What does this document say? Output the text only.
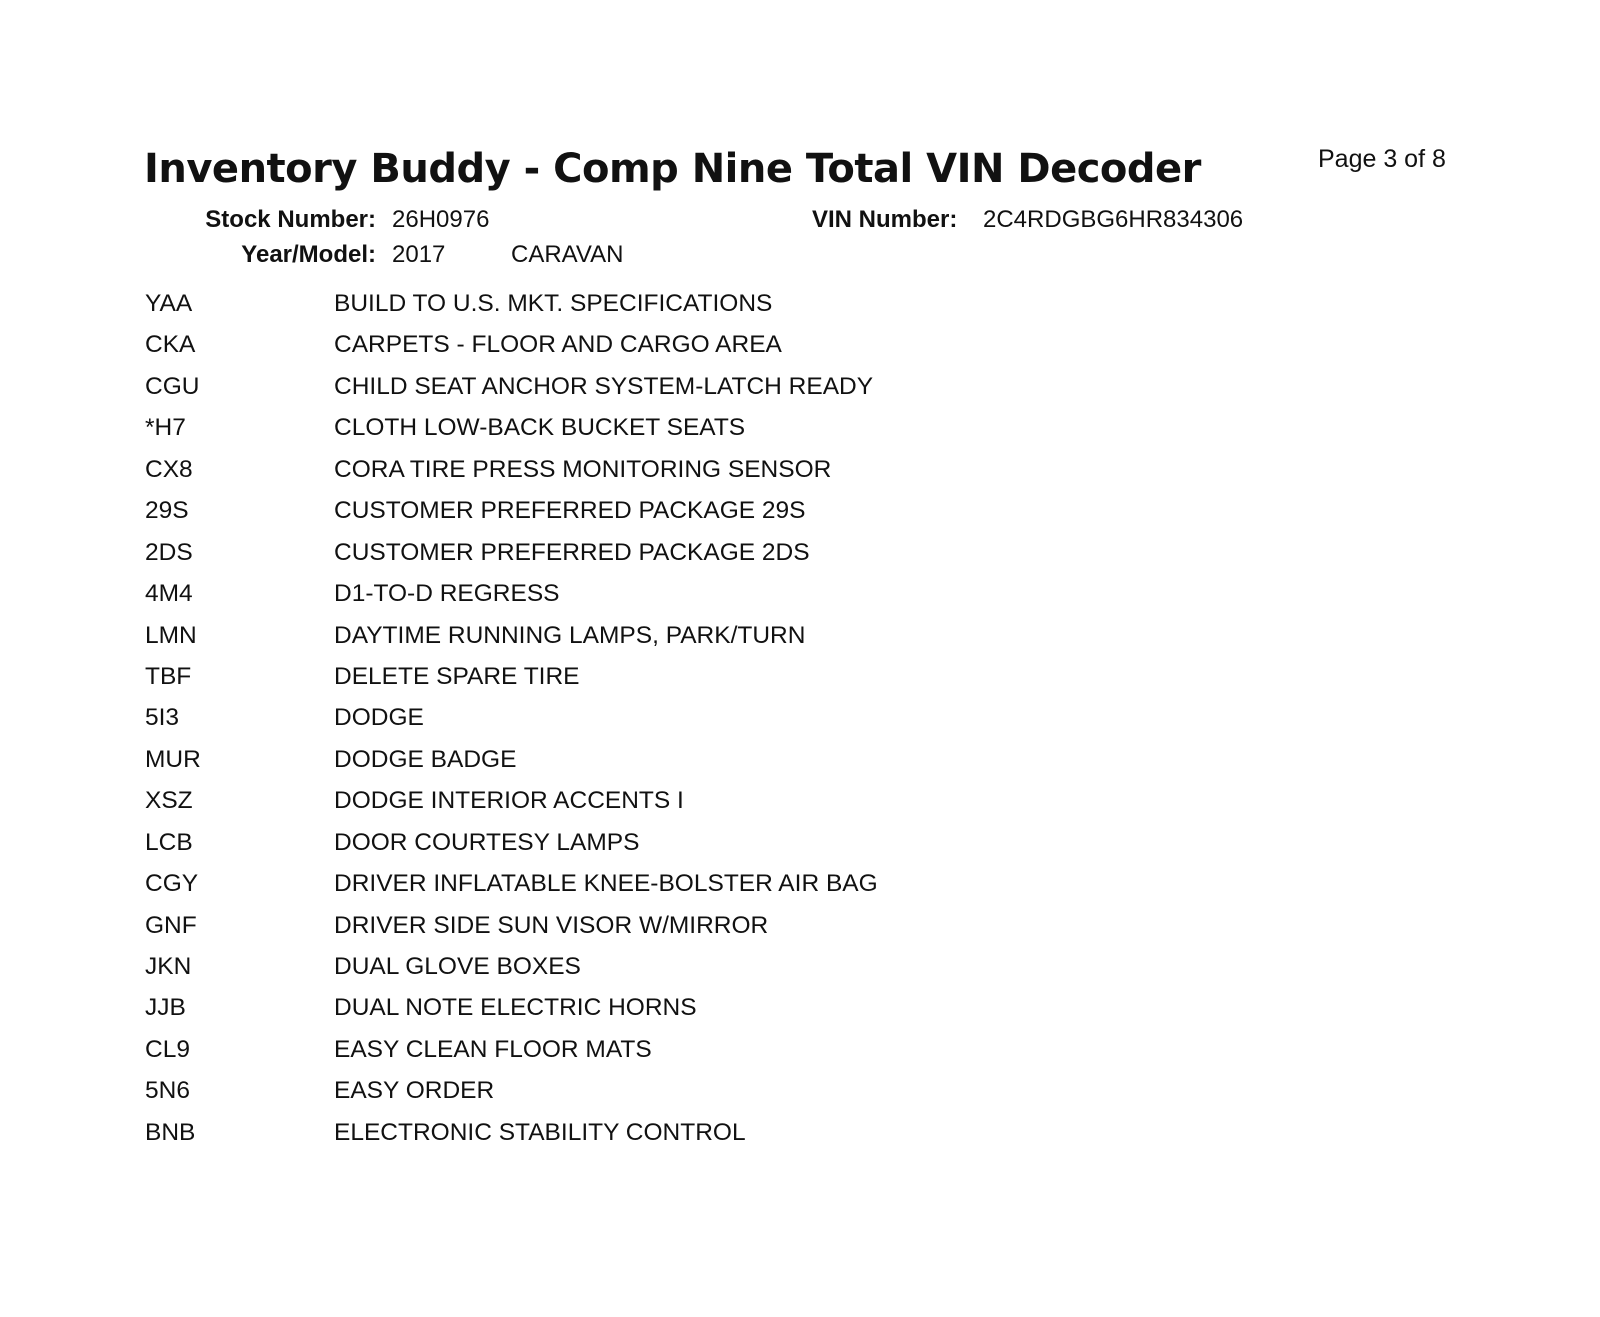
Inventory Buddy - Comp Nine Total VIN Decoder	Page 3 of 8
Stock Number: 26H0976	VIN Number: 2C4RDGBG6HR834306
Year/Model: 2017	CARAVAN
YAA	BUILD TO U.S. MKT. SPECIFICATIONS
CKA	CARPETS - FLOOR AND CARGO AREA
CGU	CHILD SEAT ANCHOR SYSTEM-LATCH READY
*H7	CLOTH LOW-BACK BUCKET SEATS
CX8	CORA TIRE PRESS MONITORING SENSOR
29S	CUSTOMER PREFERRED PACKAGE 29S
2DS	CUSTOMER PREFERRED PACKAGE 2DS
4M4	D1-TO-D REGRESS
LMN	DAYTIME RUNNING LAMPS, PARK/TURN
TBF	DELETE SPARE TIRE
5I3	DODGE
MUR	DODGE BADGE
XSZ	DODGE INTERIOR ACCENTS I
LCB	DOOR COURTESY LAMPS
CGY	DRIVER INFLATABLE KNEE-BOLSTER AIR BAG
GNF	DRIVER SIDE SUN VISOR W/MIRROR
JKN	DUAL GLOVE BOXES
JJB	DUAL NOTE ELECTRIC HORNS
CL9	EASY CLEAN FLOOR MATS
5N6	EASY ORDER
BNB	ELECTRONIC STABILITY CONTROL
